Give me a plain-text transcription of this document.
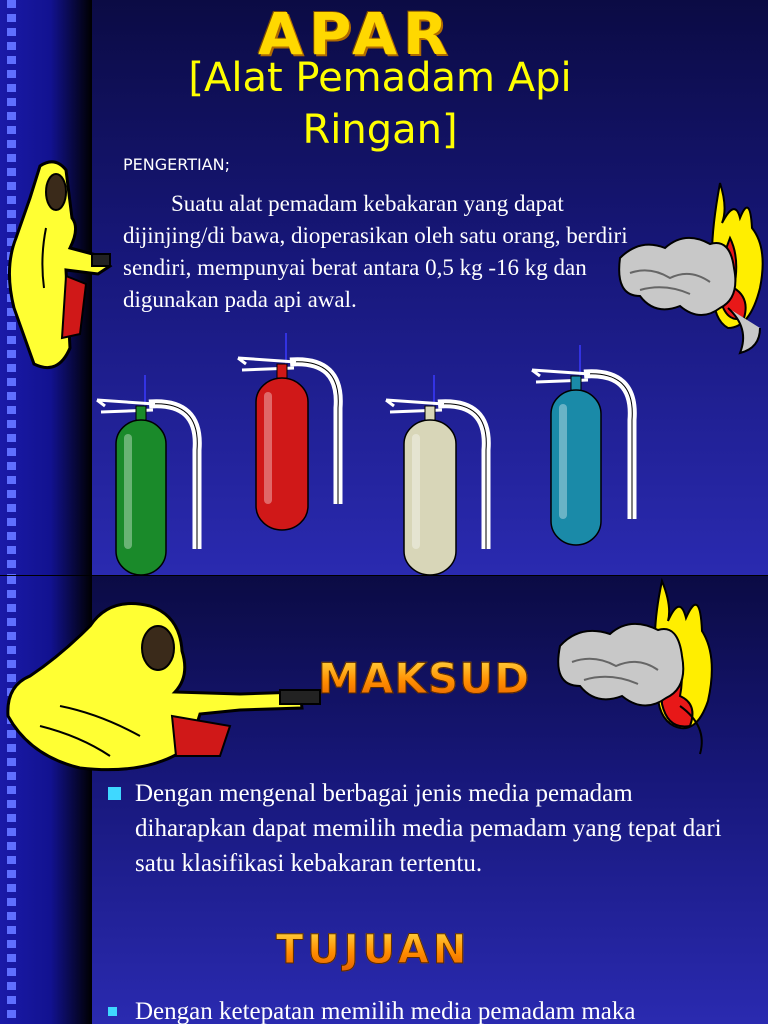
APAR
[Alat Pemadam Api Ringan]
PENGERTIAN;
Suatu alat pemadam kebakaran yang dapat dijinjing/di bawa, dioperasikan oleh satu orang, berdiri sendiri, mempunyai berat antara 0,5 kg -16 kg dan digunakan pada api awal.
MAKSUD
Dengan mengenal berbagai jenis media pemadam diharapkan dapat memilih media pemadam yang tepat dari satu klasifikasi kebakaran tertentu.
TUJUAN
Dengan ketepatan memilih media pemadam maka
